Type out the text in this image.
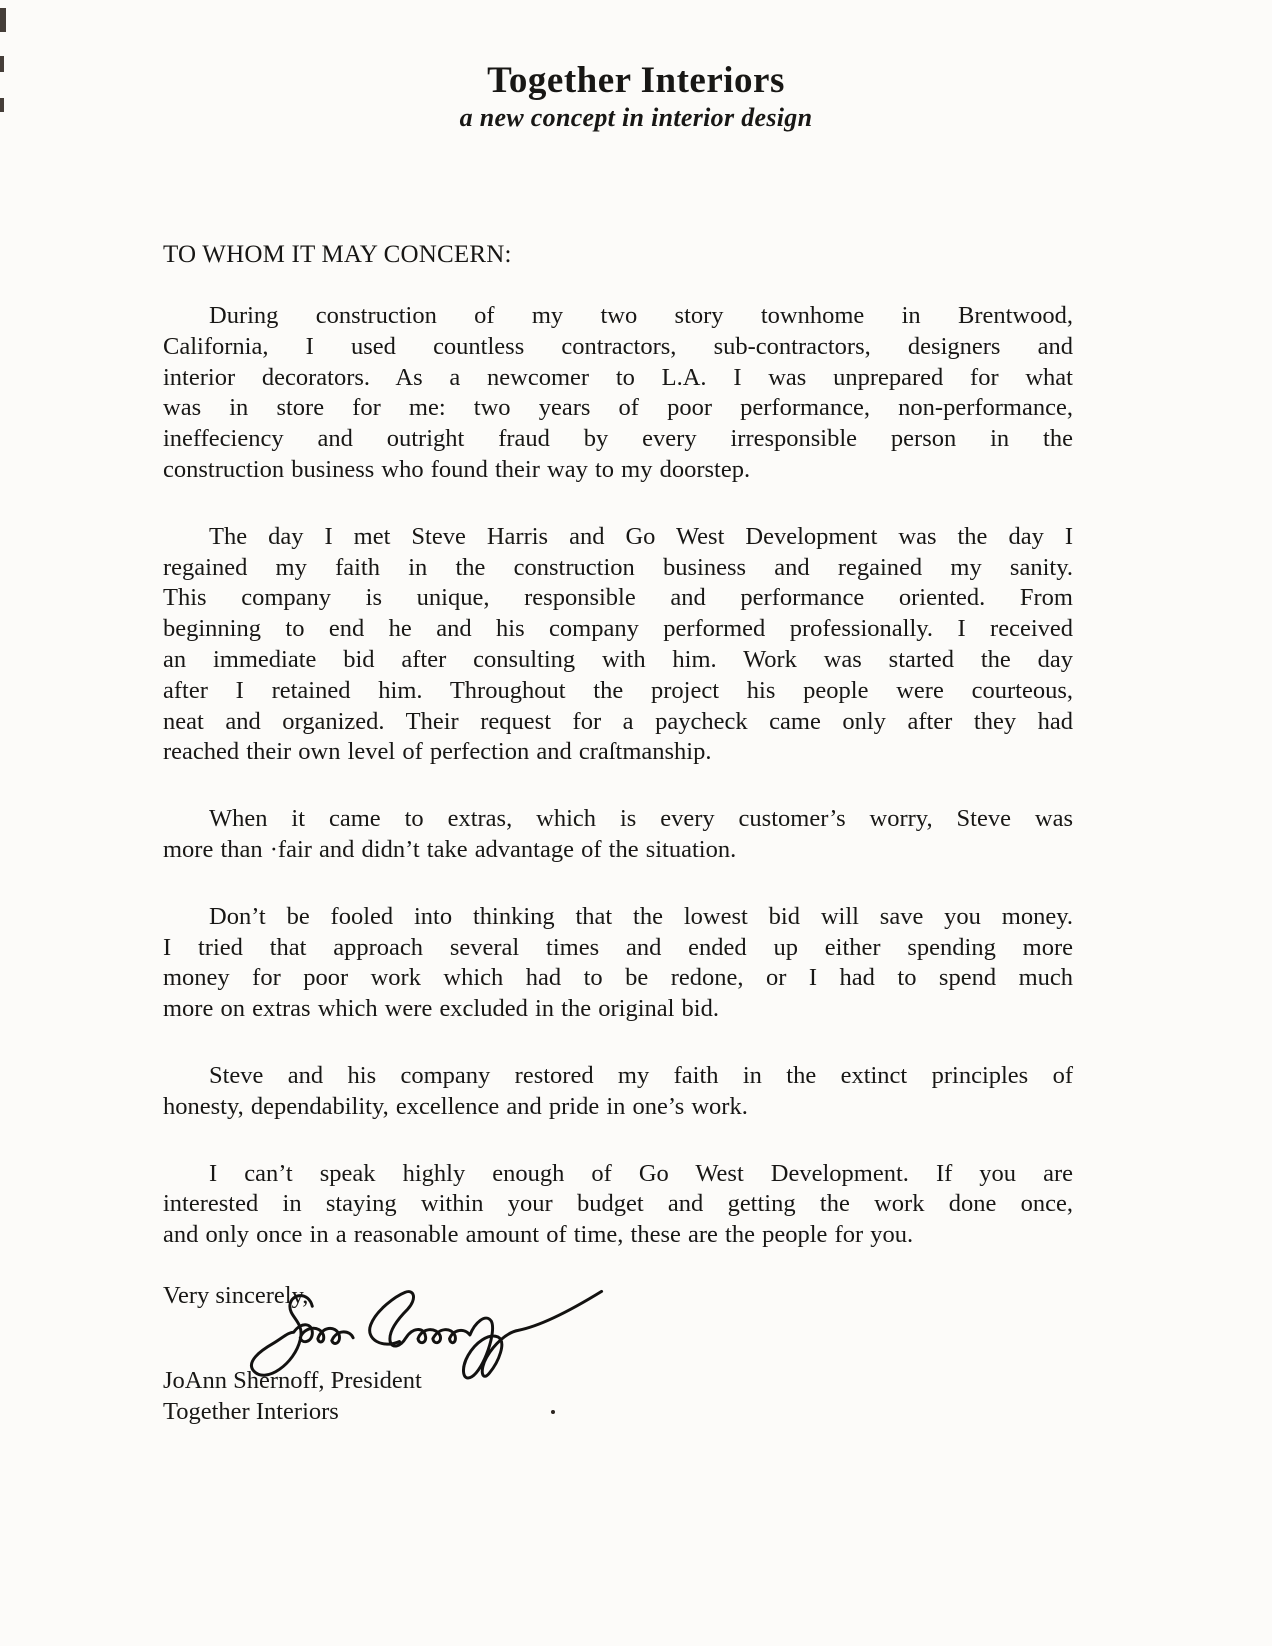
Together Interiors
a new concept in interior design
TO WHOM IT MAY CONCERN:

During construction of my two story townhome in Brentwood,
California, I used countless contractors, sub-contractors, designers and
interior decorators. As a newcomer to L.A. I was unprepared for what
was in store for me: two years of poor performance, non-performance,
ineffeciency and outright fraud by every irresponsible person in the
construction business who found their way to my doorstep.

The day I met Steve Harris and Go West Development was the day I
regained my faith in the construction business and regained my sanity.
This company is unique, responsible and performance oriented. From
beginning to end he and his company performed professionally. I received
an immediate bid after consulting with him. Work was started the day
after I retained him. Throughout the project his people were courteous,
neat and organized. Their request for a paycheck came only after they had
reached their own level of perfection and craſtmanship.

When it came to extras, which is every customer’s worry, Steve was
more than ·fair and didn’t take advantage of the situation.

Don’t be fooled into thinking that the lowest bid will save you money.
I tried that approach several times and ended up either spending more
money for poor work which had to be redone, or I had to spend much
more on extras which were excluded in the original bid.

Steve and his company restored my faith in the extinct principles of
honesty, dependability, excellence and pride in one’s work.

I can’t speak highly enough of Go West Development. If you are
interested in staying within your budget and getting the work done once,
and only once in a reasonable amount of time, these are the people for you.

Very sincerely,
JoAnn Shernoff, President
Together Interiors
